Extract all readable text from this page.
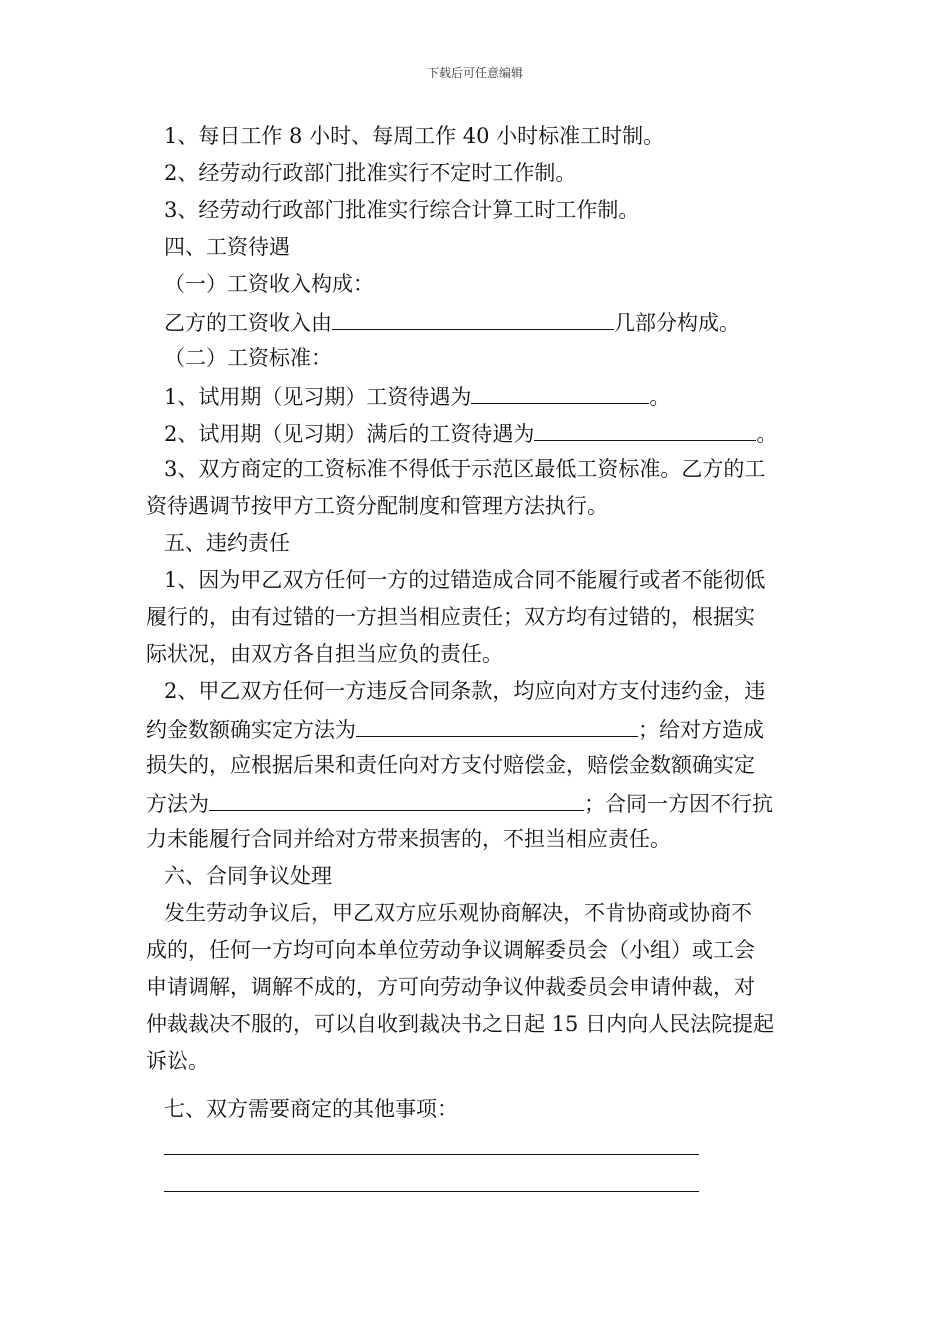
下载后可任意编辑
1、每日工作 8 小时、每周工作 40 小时标准工时制。
2、经劳动行政部门批准实行不定时工作制。
3、经劳动行政部门批准实行综合计算工时工作制。
四、工资待遇
（一）工资收入构成：
乙方的工资收入由	几部分构成。
（二）工资标准：
1、试用期（见习期）工资待遇为	。
2、试用期（见习期）满后的工资待遇为	。
3、双方商定的工资标准不得低于示范区最低工资标准。乙方的工
资待遇调节按甲方工资分配制度和管理方法执行。
五、违约责任
1、因为甲乙双方任何一方的过错造成合同不能履行或者不能彻低
履行的，由有过错的一方担当相应责任；双方均有过错的，根据实
际状况，由双方各自担当应负的责任。
2、甲乙双方任何一方违反合同条款，均应向对方支付违约金，违
约金数额确实定方法为	；给对方造成
损失的，应根据后果和责任向对方支付赔偿金，赔偿金数额确实定
方法为	；合同一方因不行抗
力未能履行合同并给对方带来损害的，不担当相应责任。
六、合同争议处理
发生劳动争议后，甲乙双方应乐观协商解决，不肯协商或协商不
成的，任何一方均可向本单位劳动争议调解委员会（小组）或工会
申请调解，调解不成的，方可向劳动争议仲裁委员会申请仲裁，对
仲裁裁决不服的，可以自收到裁决书之日起 15 日内向人民法院提起
诉讼。
七、双方需要商定的其他事项：
